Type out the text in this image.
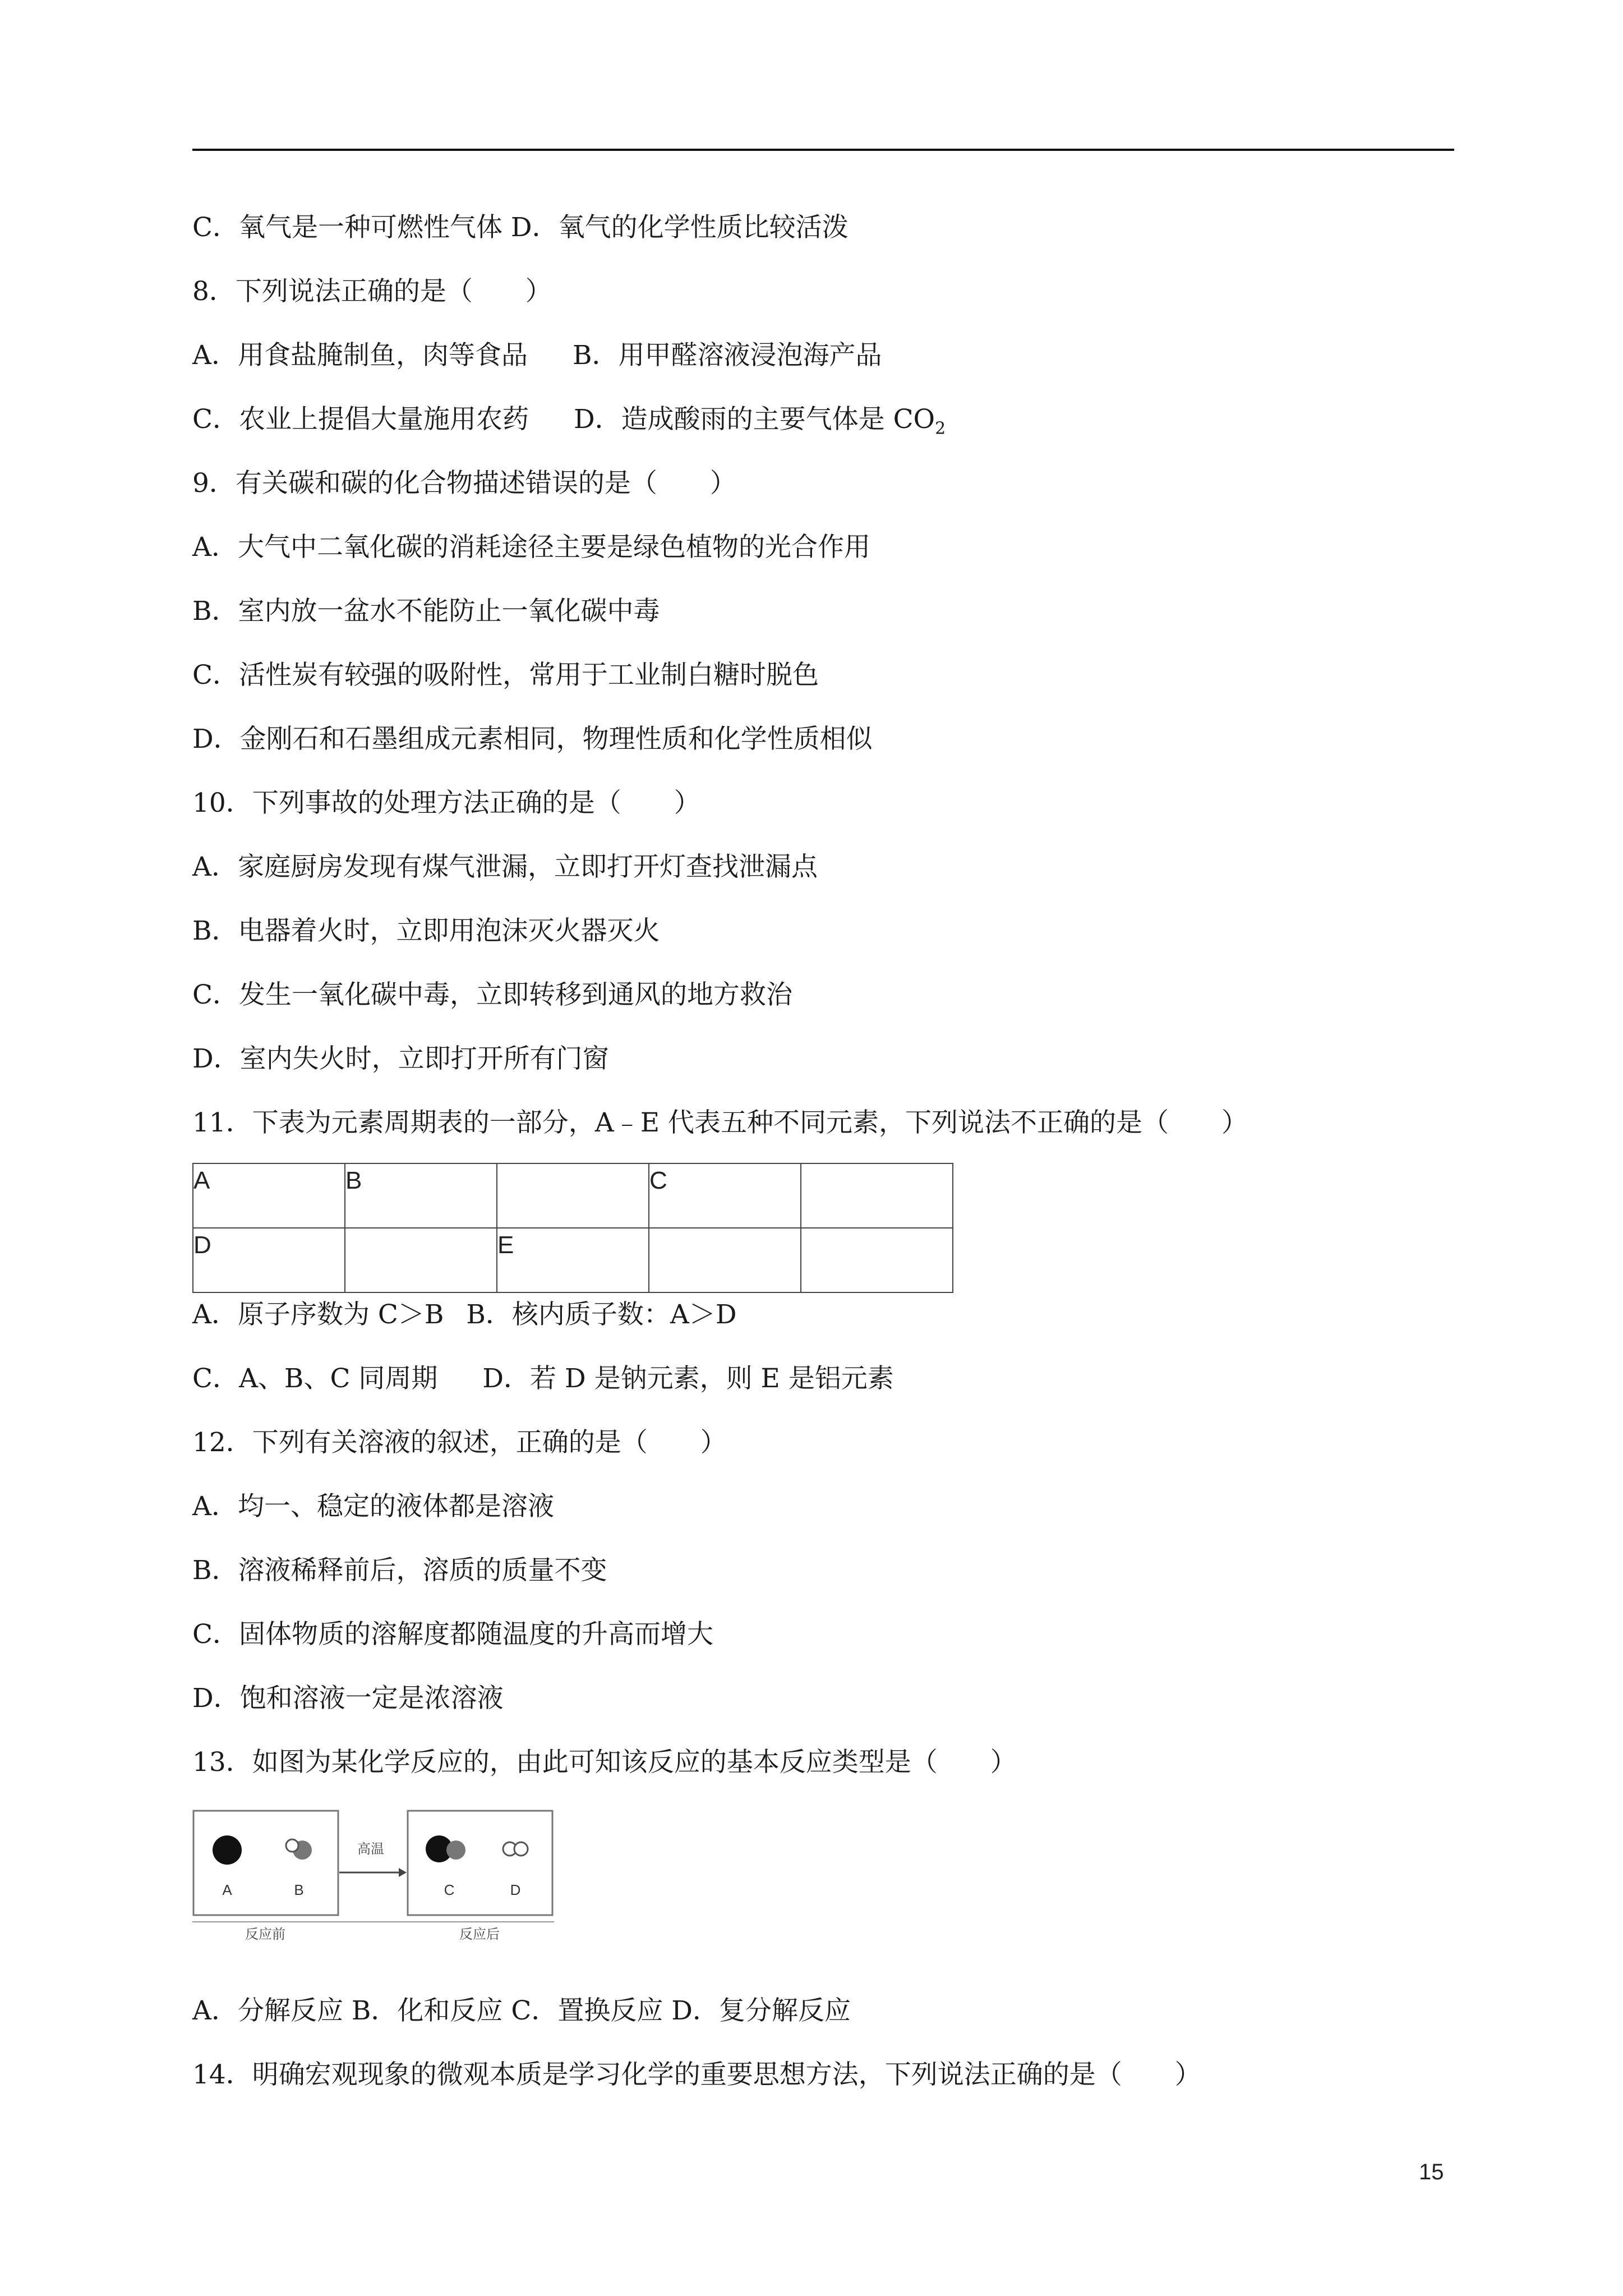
C．氧气是一种可燃性气体 D．氧气的化学性质比较活泼
8．下列说法正确的是（　　）
A．用食盐腌制鱼，肉等食品 B．用甲醛溶液浸泡海产品
C．农业上提倡大量施用农药 D．造成酸雨的主要气体是 $CO_2$
9．有关碳和碳的化合物描述错误的是（　　）
A．大气中二氧化碳的消耗途径主要是绿色植物的光合作用
B．室内放一盆水不能防止一氧化碳中毒
C．活性炭有较强的吸附性，常用于工业制白糖时脱色
D．金刚石和石墨组成元素相同，物理性质和化学性质相似
10．下列事故的处理方法正确的是（　　）
A．家庭厨房发现有煤气泄漏，立即打开灯查找泄漏点
B．电器着火时，立即用泡沫灭火器灭火
C．发生一氧化碳中毒，立即转移到通风的地方救治
D．室内失火时，立即打开所有门窗
11．下表为元素周期表的一部分，A﹣E 代表五种不同元素，下列说法不正确的是（　　）
A	B		C	
D		E		
A．原子序数为 C＞B B．核内质子数：A＞D
C．A、B、C 同周期 D．若 D 是钠元素，则 E 是铝元素
12．下列有关溶液的叙述，正确的是（　　）
A．均一、稳定的液体都是溶液
B．溶液稀释前后，溶质的质量不变
C．固体物质的溶解度都随温度的升高而增大
D．饱和溶液一定是浓溶液
13．如图为某化学反应的，由此可知该反应的基本反应类型是（　　）
A	B
高温
C	D
反应前	反应后
A．分解反应 B．化和反应 C．置换反应 D．复分解反应
14．明确宏观现象的微观本质是学习化学的重要思想方法，下列说法正确的是（　　）
15
